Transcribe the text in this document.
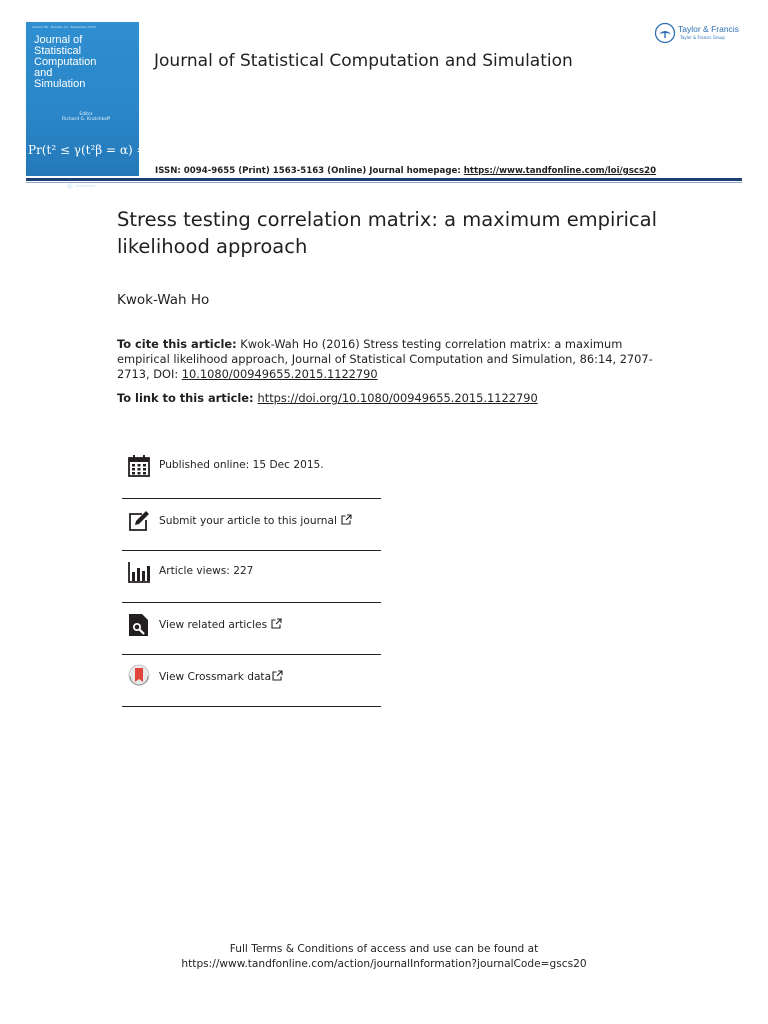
Volume 86 · Number 14 · September 2016
Journal of
Statistical
Computation
and
Simulation
Editor
Richard G. Krutchkoff
Pr(t² ≤ γ(t²β = α) = Pr
Journal of Statistical Computation and Simulation
Taylor & Francis
Taylor & Francis Group
ISSN: 0094-9655 (Print) 1563-5163 (Online) Journal homepage: https://www.tandfonline.com/loi/gscs20
Stress testing correlation matrix: a maximum empirical likelihood approach
Kwok-Wah Ho
To cite this article: Kwok-Wah Ho (2016) Stress testing correlation matrix: a maximum empirical likelihood approach, Journal of Statistical Computation and Simulation, 86:14, 2707-2713, DOI: 10.1080/00949655.2015.1122790
To link to this article: https://doi.org/10.1080/00949655.2015.1122790
Published online: 15 Dec 2015.
Submit your article to this journal
Article views: 227
View related articles
View Crossmark data
Full Terms & Conditions of access and use can be found at
https://www.tandfonline.com/action/journalInformation?journalCode=gscs20
